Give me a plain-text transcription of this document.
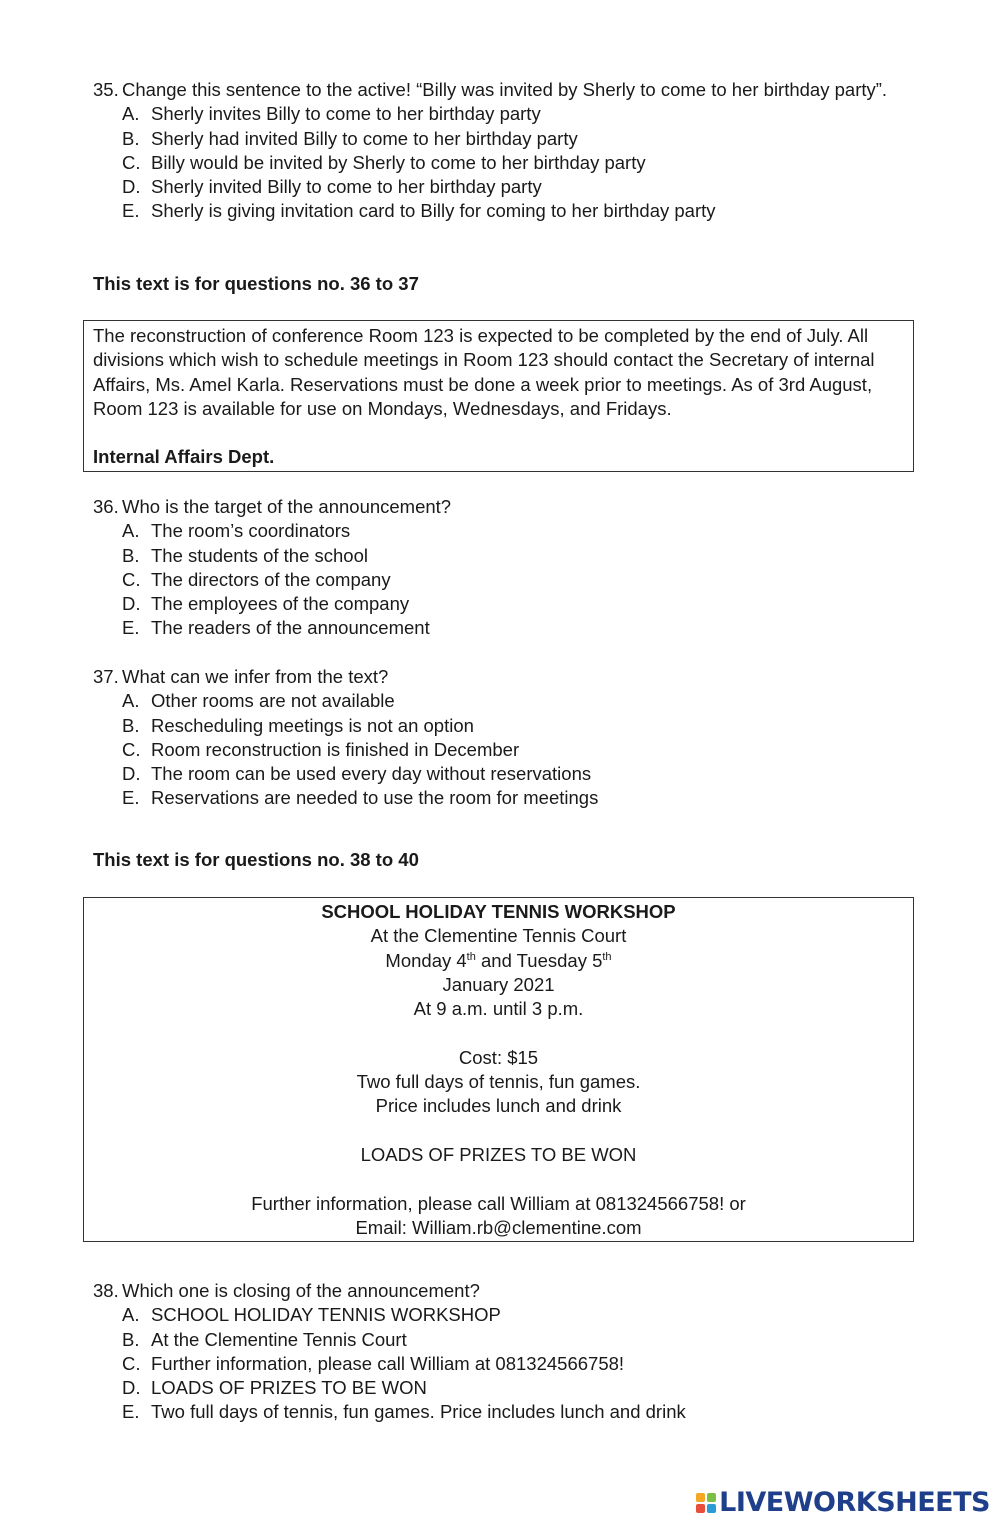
35. Change this sentence to the active! “Billy was invited by Sherly to come to her birthday party”.
A. Sherly invites Billy to come to her birthday party
B. Sherly had invited Billy to come to her birthday party
C. Billy would be invited by Sherly to come to her birthday party
D. Sherly invited Billy to come to her birthday party
E. Sherly is giving invitation card to Billy for coming to her birthday party
This text is for questions no. 36 to 37
The reconstruction of conference Room 123 is expected to be completed by the end of July. All divisions which wish to schedule meetings in Room 123 should contact the Secretary of internal Affairs, Ms. Amel Karla. Reservations must be done a week prior to meetings. As of 3rd August, Room 123 is available for use on Mondays, Wednesdays, and Fridays.
Internal Affairs Dept.
36. Who is the target of the announcement?
A. The room’s coordinators
B. The students of the school
C. The directors of the company
D. The employees of the company
E. The readers of the announcement
37. What can we infer from the text?
A. Other rooms are not available
B. Rescheduling meetings is not an option
C. Room reconstruction is finished in December
D. The room can be used every day without reservations
E. Reservations are needed to use the room for meetings
This text is for questions no. 38 to 40
SCHOOL HOLIDAY TENNIS WORKSHOP
At the Clementine Tennis Court
Monday 4th and Tuesday 5th
January 2021
At 9 a.m. until 3 p.m.
Cost: $15
Two full days of tennis, fun games.
Price includes lunch and drink
LOADS OF PRIZES TO BE WON
Further information, please call William at 081324566758! or
Email: William.rb@clementine.com
38. Which one is closing of the announcement?
A. SCHOOL HOLIDAY TENNIS WORKSHOP
B. At the Clementine Tennis Court
C. Further information, please call William at 081324566758!
D. LOADS OF PRIZES TO BE WON
E. Two full days of tennis, fun games. Price includes lunch and drink
LIVEWORKSHEETS
